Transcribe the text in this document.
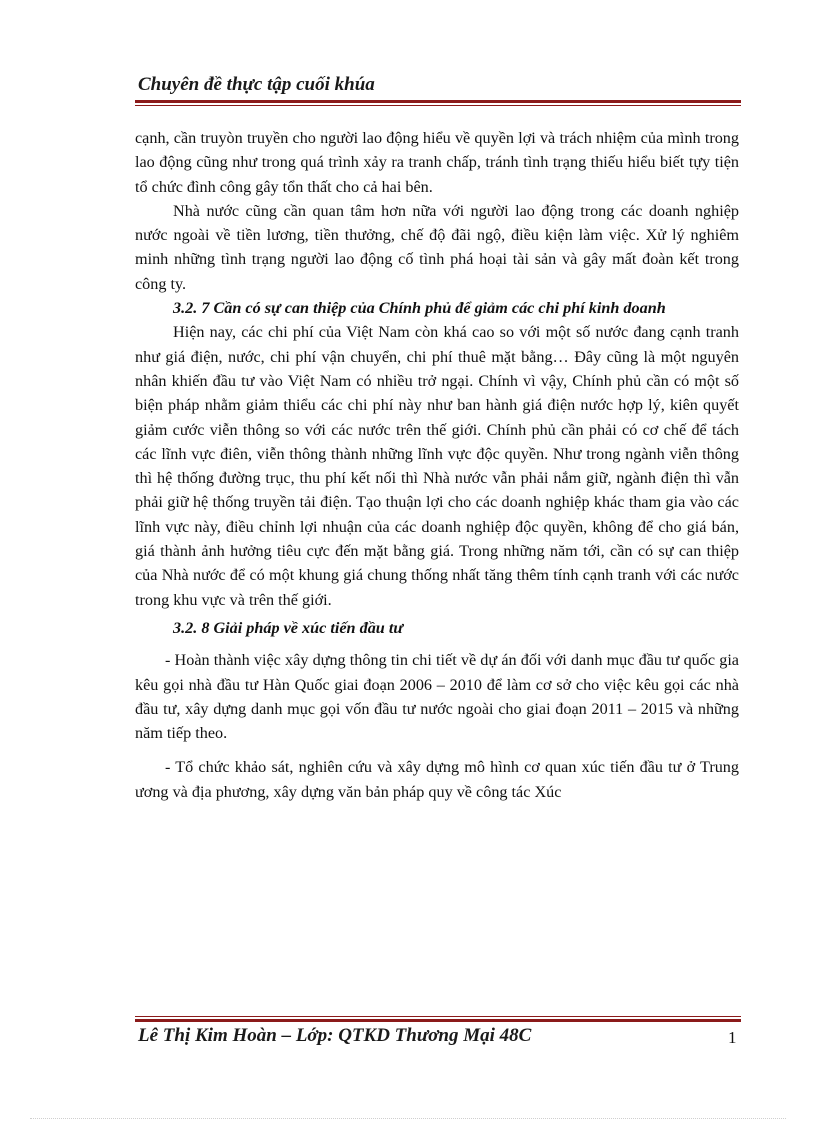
Chuyên đề thực tập cuối khúa

cạnh, cần truyòn truyền cho người lao động hiểu về quyền lợi và trách nhiệm của mình trong lao động cũng như trong quá trình xảy ra tranh chấp, tránh tình trạng thiếu hiểu biết tựy tiện tổ chức đình công gây tổn thất cho cả hai bên.

Nhà nước cũng cần quan tâm hơn nữa với người lao động trong các doanh nghiệp nước ngoài về tiền lương, tiền thưởng, chế độ đãi ngộ, điều kiện làm việc. Xử lý nghiêm minh những tình trạng người lao động cố tình phá hoại tài sản và gây mất đoàn kết trong công ty.

3.2. 7 Cần có sự can thiệp của Chính phủ để giảm các chi phí kinh doanh

Hiện nay, các chi phí của Việt Nam còn khá cao so với một số nước đang cạnh tranh như giá điện, nước, chi phí vận chuyển, chi phí thuê mặt bằng… Đây cũng là một nguyên nhân khiến đầu tư vào Việt Nam có nhiều trở ngại. Chính vì vậy, Chính phủ cần có một số biện pháp nhằm giảm thiểu các chi phí này như ban hành giá điện nước hợp lý, kiên quyết giảm cước viễn thông so với các nước trên thế giới. Chính phủ cần phải có cơ chế để tách các lĩnh vực điên, viễn thông thành những lĩnh vực độc quyền. Như trong ngành viễn thông thì hệ thống đường trục, thu phí kết nối thì Nhà nước vẫn phải nắm giữ, ngành điện thì vẫn phải giữ hệ thống truyền tải điện. Tạo thuận lợi cho các doanh nghiệp khác tham gia vào các lĩnh vực này, điều chỉnh lợi nhuận của các doanh nghiệp độc quyền, không để cho giá bán, giá thành ảnh hưởng tiêu cực đến mặt bằng giá. Trong những năm tới, cần có sự can thiệp của Nhà nước để có một khung giá chung thống nhất tăng thêm tính cạnh tranh với các nước trong khu vực và trên thế giới.

3.2. 8 Giải pháp về xúc tiến đầu tư

- Hoàn thành việc xây dựng thông tin chi tiết về dự án đối với danh mục đầu tư quốc gia kêu gọi nhà đầu tư Hàn Quốc giai đoạn 2006 – 2010 để làm cơ sở cho việc kêu gọi các nhà đầu tư, xây dựng danh mục gọi vốn đầu tư nước ngoài cho giai đoạn 2011 – 2015 và những năm tiếp theo.

- Tổ chức khảo sát, nghiên cứu và xây dựng mô hình cơ quan xúc tiến đầu tư ở Trung ương và địa phương, xây dựng văn bản pháp quy về công tác Xúc

Lê Thị Kim Hoàn – Lớp: QTKD Thương Mại 48C	1
